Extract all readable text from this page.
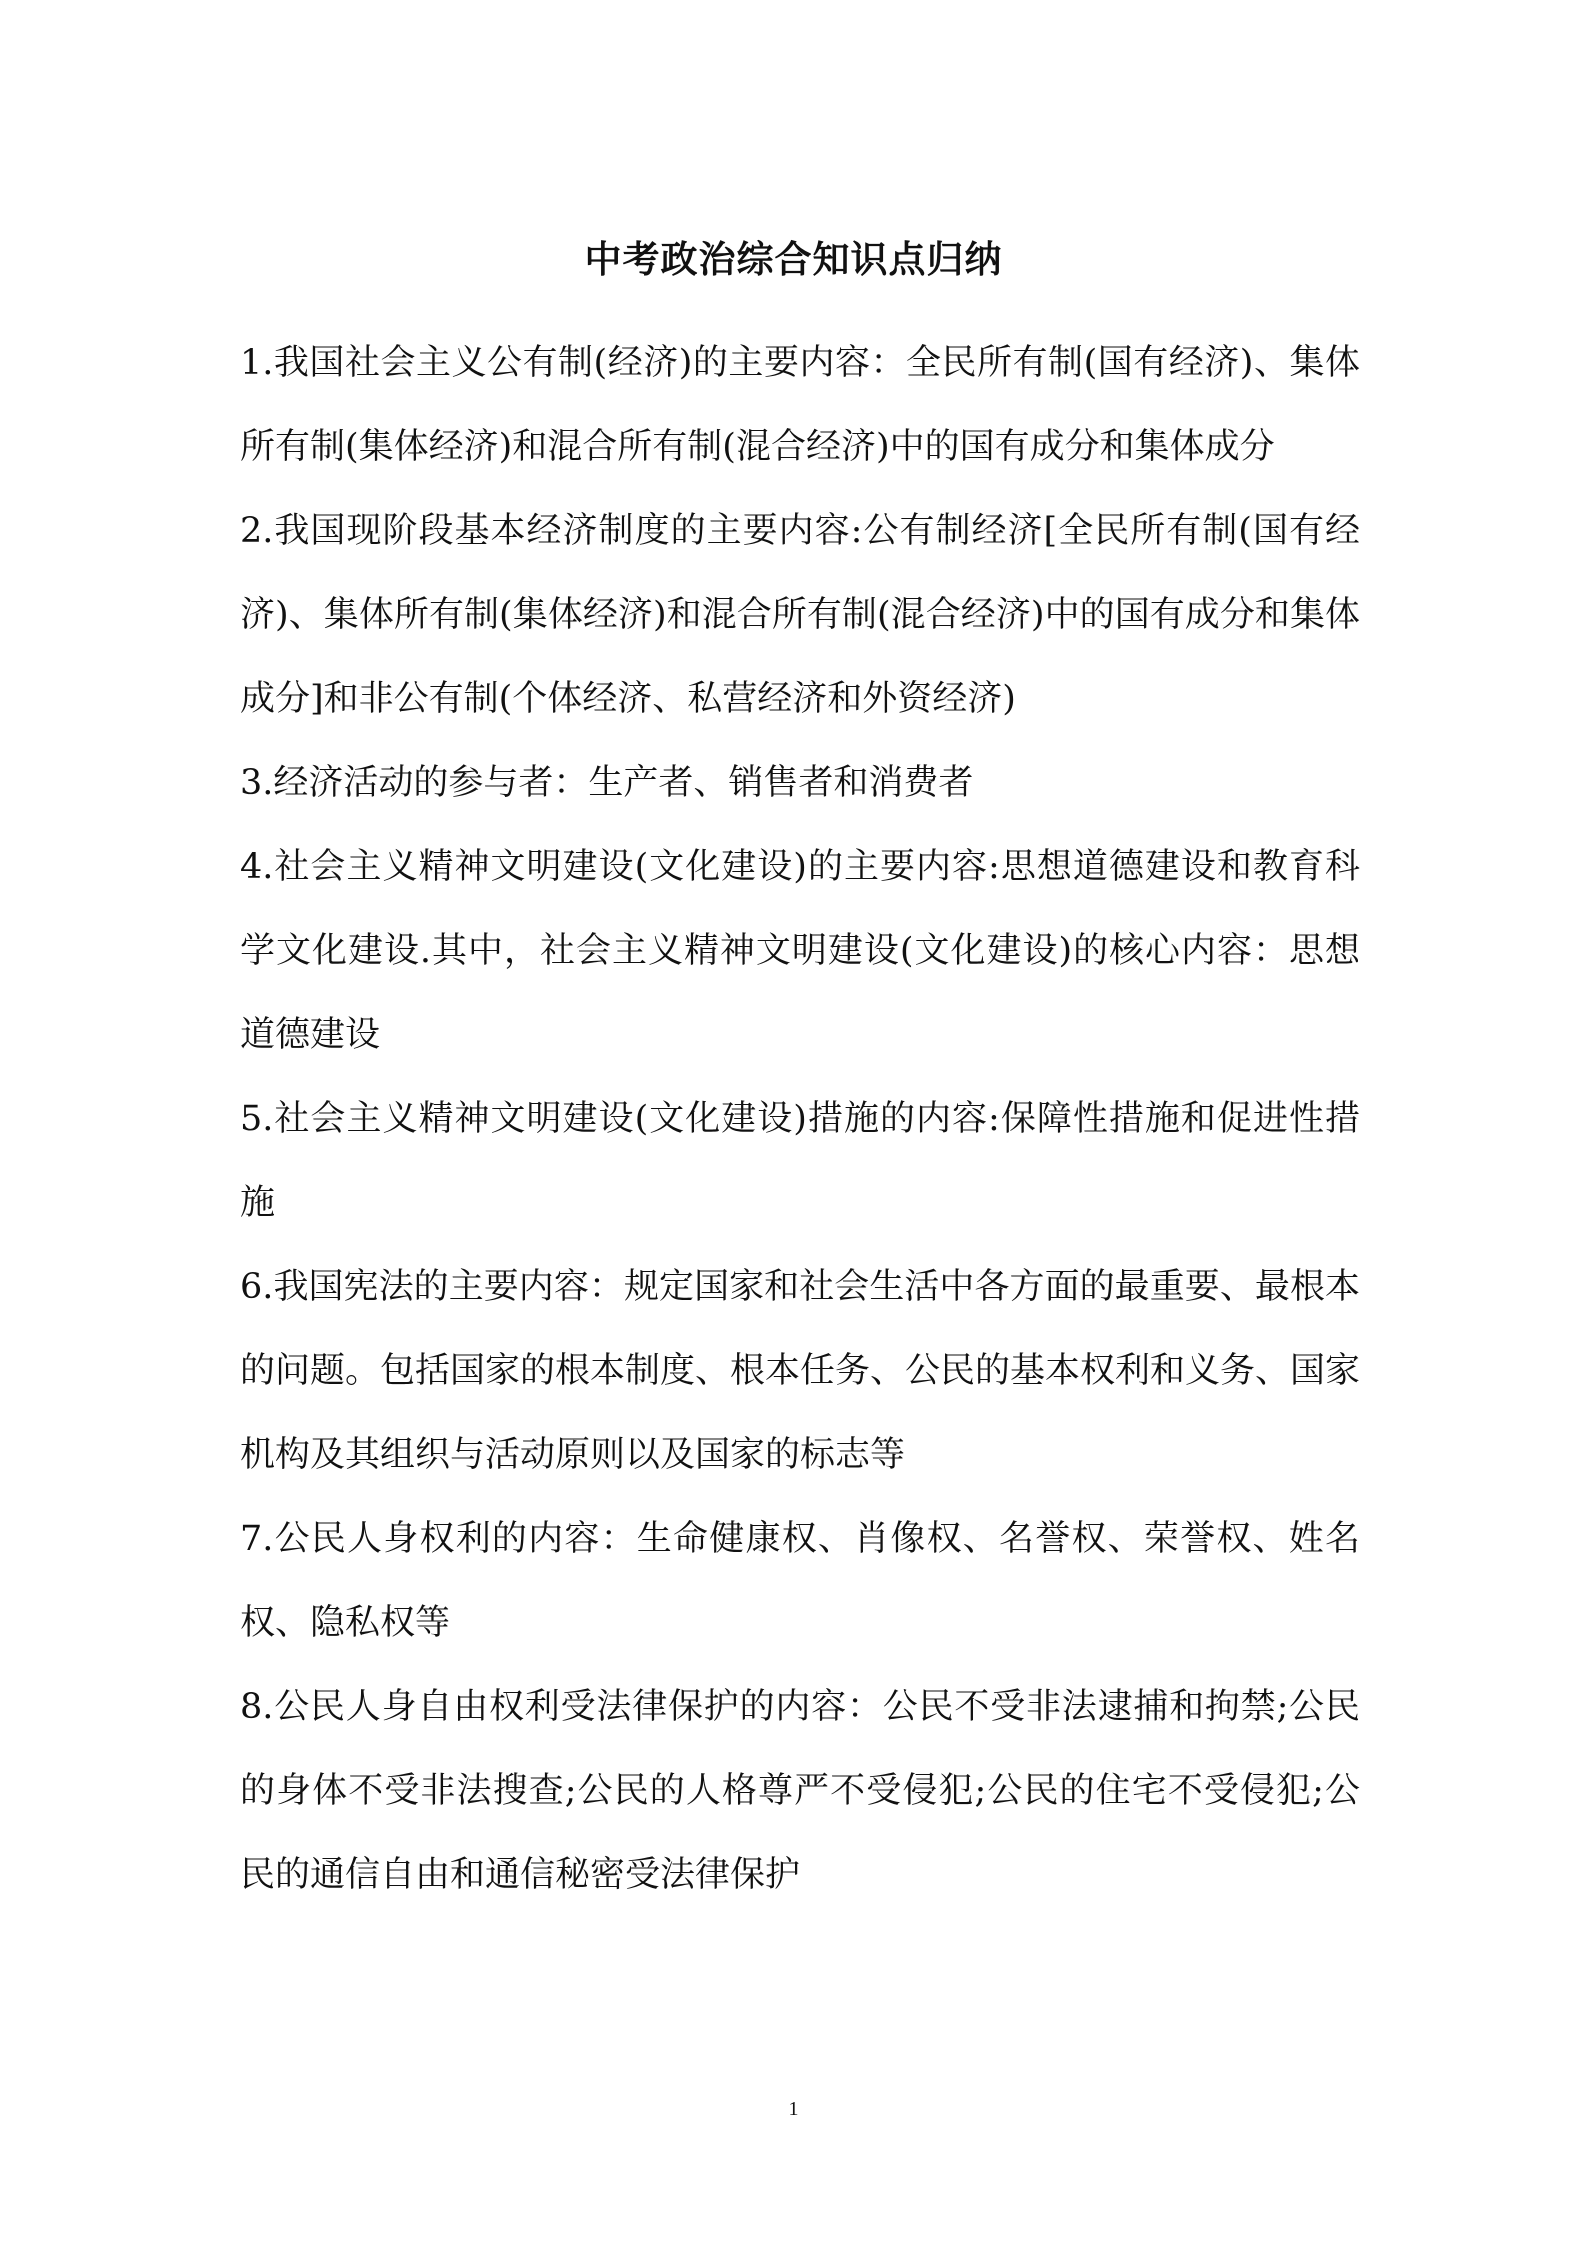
中考政治综合知识点归纳

1.我国社会主义公有制(经济)的主要内容：全民所有制(国有经济)、集体所有制(集体经济)和混合所有制(混合经济)中的国有成分和集体成分

2.我国现阶段基本经济制度的主要内容:公有制经济[全民所有制(国有经济)、集体所有制(集体经济)和混合所有制(混合经济)中的国有成分和集体成分]和非公有制(个体经济、私营经济和外资经济)

3.经济活动的参与者：生产者、销售者和消费者

4.社会主义精神文明建设(文化建设)的主要内容:思想道德建设和教育科学文化建设.其中，社会主义精神文明建设(文化建设)的核心内容：思想道德建设

5.社会主义精神文明建设(文化建设)措施的内容:保障性措施和促进性措施

6.我国宪法的主要内容：规定国家和社会生活中各方面的最重要、最根本的问题。包括国家的根本制度、根本任务、公民的基本权利和义务、国家机构及其组织与活动原则以及国家的标志等

7.公民人身权利的内容：生命健康权、肖像权、名誉权、荣誉权、姓名权、隐私权等

8.公民人身自由权利受法律保护的内容：公民不受非法逮捕和拘禁;公民的身体不受非法搜查;公民的人格尊严不受侵犯;公民的住宅不受侵犯;公民的通信自由和通信秘密受法律保护

1
